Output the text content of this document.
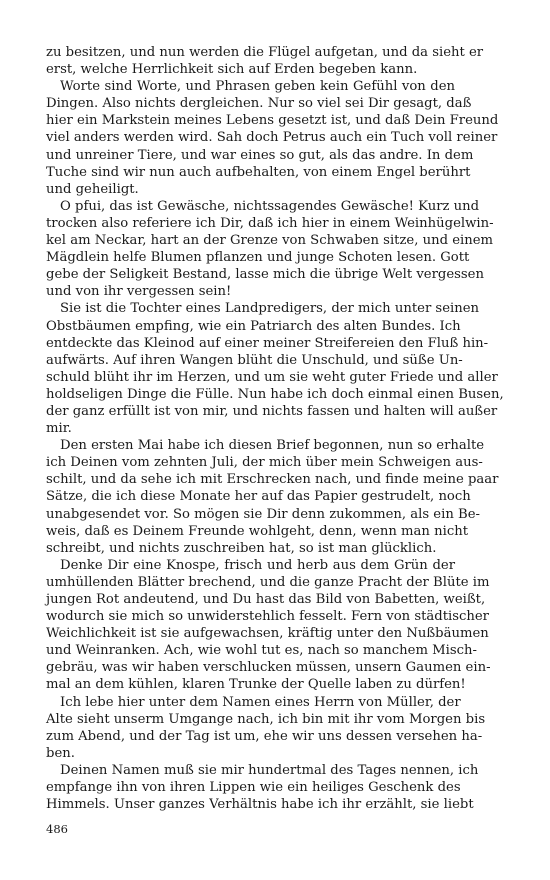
zu besitzen, und nun werden die Flügel aufgetan, und da sieht er
erst, welche Herrlichkeit sich auf Erden begeben kann.
Worte sind Worte, und Phrasen geben kein Gefühl von den
Dingen. Also nichts dergleichen. Nur so viel sei Dir gesagt, daß
hier ein Markstein meines Lebens gesetzt ist, und daß Dein Freund
viel anders werden wird. Sah doch Petrus auch ein Tuch voll reiner
und unreiner Tiere, und war eines so gut, als das andre. In dem
Tuche sind wir nun auch aufbehalten, von einem Engel berührt
und geheiligt.
O pfui, das ist Gewäsche, nichtssagendes Gewäsche! Kurz und
trocken also referiere ich Dir, daß ich hier in einem Weinhügelwin-
kel am Neckar, hart an der Grenze von Schwaben sitze, und einem
Mägdlein helfe Blumen pflanzen und junge Schoten lesen. Gott
gebe der Seligkeit Bestand, lasse mich die übrige Welt vergessen
und von ihr vergessen sein!
Sie ist die Tochter eines Landpredigers, der mich unter seinen
Obstbäumen empfing, wie ein Patriarch des alten Bundes. Ich
entdeckte das Kleinod auf einer meiner Streifereien den Fluß hin-
aufwärts. Auf ihren Wangen blüht die Unschuld, und süße Un-
schuld blüht ihr im Herzen, und um sie weht guter Friede und aller
holdseligen Dinge die Fülle. Nun habe ich doch einmal einen Busen,
der ganz erfüllt ist von mir, und nichts fassen und halten will außer
mir.
Den ersten Mai habe ich diesen Brief begonnen, nun so erhalte
ich Deinen vom zehnten Juli, der mich über mein Schweigen aus-
schilt, und da sehe ich mit Erschrecken nach, und finde meine paar
Sätze, die ich diese Monate her auf das Papier gestrudelt, noch
unabgesendet vor. So mögen sie Dir denn zukommen, als ein Be-
weis, daß es Deinem Freunde wohlgeht, denn, wenn man nicht
schreibt, und nichts zuschreiben hat, so ist man glücklich.
Denke Dir eine Knospe, frisch und herb aus dem Grün der
umhüllenden Blätter brechend, und die ganze Pracht der Blüte im
jungen Rot andeutend, und Du hast das Bild von Babetten, weißt,
wodurch sie mich so unwiderstehlich fesselt. Fern von städtischer
Weichlichkeit ist sie aufgewachsen, kräftig unter den Nußbäumen
und Weinranken. Ach, wie wohl tut es, nach so manchem Misch-
gebräu, was wir haben verschlucken müssen, unsern Gaumen ein-
mal an dem kühlen, klaren Trunke der Quelle laben zu dürfen!
Ich lebe hier unter dem Namen eines Herrn von Müller, der
Alte sieht unserm Umgange nach, ich bin mit ihr vom Morgen bis
zum Abend, und der Tag ist um, ehe wir uns dessen versehen ha-
ben.
Deinen Namen muß sie mir hundertmal des Tages nennen, ich
empfange ihn von ihren Lippen wie ein heiliges Geschenk des
Himmels. Unser ganzes Verhältnis habe ich ihr erzählt, sie liebt
486
